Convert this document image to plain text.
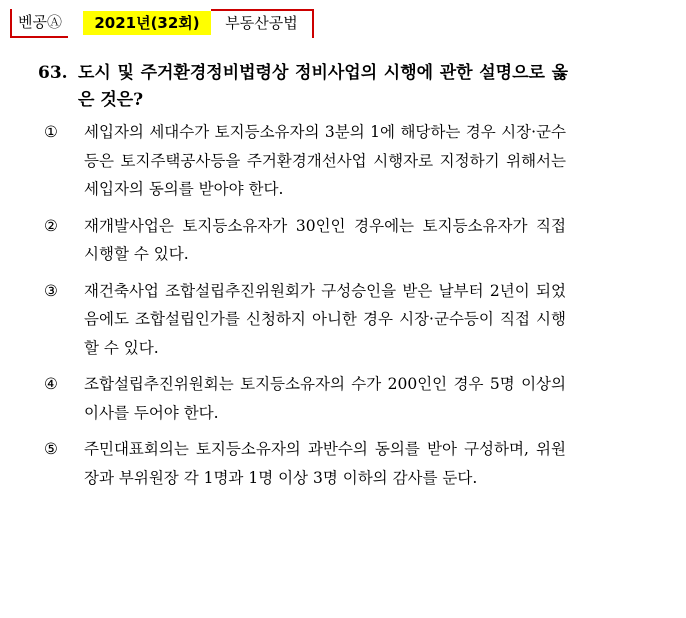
벤공Ⓐ	2021년(32회)	부동산공법
63. 도시 및 주거환경정비법령상 정비사업의 시행에 관한 설명으로 옳은 것은?
①	세입자의 세대수가 토지등소유자의 3분의 1에 해당하는 경우 시장·군수등은 토지주택공사등을 주거환경개선사업 시행자로 지정하기 위해서는 세입자의 동의를 받아야 한다.
②	재개발사업은 토지등소유자가 30인인 경우에는 토지등소유자가 직접 시행할 수 있다.
③	재건축사업 조합설립추진위원회가 구성승인을 받은 날부터 2년이 되었음에도 조합설립인가를 신청하지 아니한 경우 시장·군수등이 직접 시행할 수 있다.
④	조합설립추진위원회는 토지등소유자의 수가 200인인 경우 5명 이상의 이사를 두어야 한다.
⑤	주민대표회의는 토지등소유자의 과반수의 동의를 받아 구성하며, 위원장과 부위원장 각 1명과 1명 이상 3명 이하의 감사를 둔다.
